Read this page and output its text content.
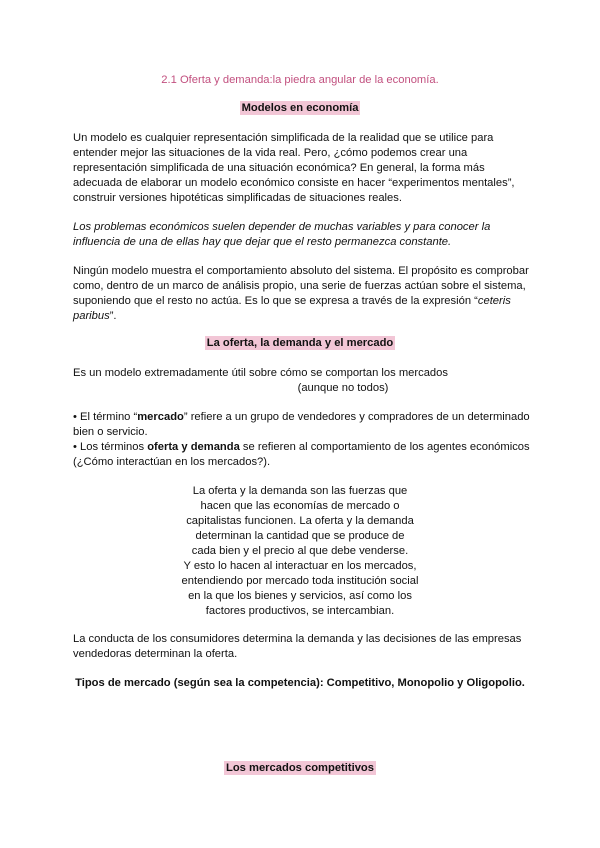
2.1 Oferta y demanda:la piedra angular de la economía.
Modelos en economía
Un modelo es cualquier representación simplificada de la realidad que se utilice para
entender mejor las situaciones de la vida real. Pero, ¿cómo podemos crear una
representación simplificada de una situación económica? En general, la forma más
adecuada de elaborar un modelo económico consiste en hacer “experimentos mentales”,
construir versiones hipotéticas simplificadas de situaciones reales.
Los problemas económicos suelen depender de muchas variables y para conocer la
influencia de una de ellas hay que dejar que el resto permanezca constante.
Ningún modelo muestra el comportamiento absoluto del sistema. El propósito es comprobar
como, dentro de un marco de análisis propio, una serie de fuerzas actúan sobre el sistema,
suponiendo que el resto no actúa. Es lo que se expresa a través de la expresión “ceteris
paribus”.
La oferta, la demanda y el mercado
Es un modelo extremadamente útil sobre cómo se comportan los mercados
(aunque no todos)
• El término “mercado” refiere a un grupo de vendedores y compradores de un determinado
bien o servicio.
• Los términos oferta y demanda se refieren al comportamiento de los agentes económicos
(¿Cómo interactúan en los mercados?).
La oferta y la demanda son las fuerzas que
hacen que las economías de mercado o
capitalistas funcionen. La oferta y la demanda
determinan la cantidad que se produce de
cada bien y el precio al que debe venderse.
Y esto lo hacen al interactuar en los mercados,
entendiendo por mercado toda institución social
en la que los bienes y servicios, así como los
factores productivos, se intercambian.
La conducta de los consumidores determina la demanda y las decisiones de las empresas
vendedoras determinan la oferta.
Tipos de mercado (según sea la competencia): Competitivo, Monopolio y Oligopolio.
Los mercados competitivos
